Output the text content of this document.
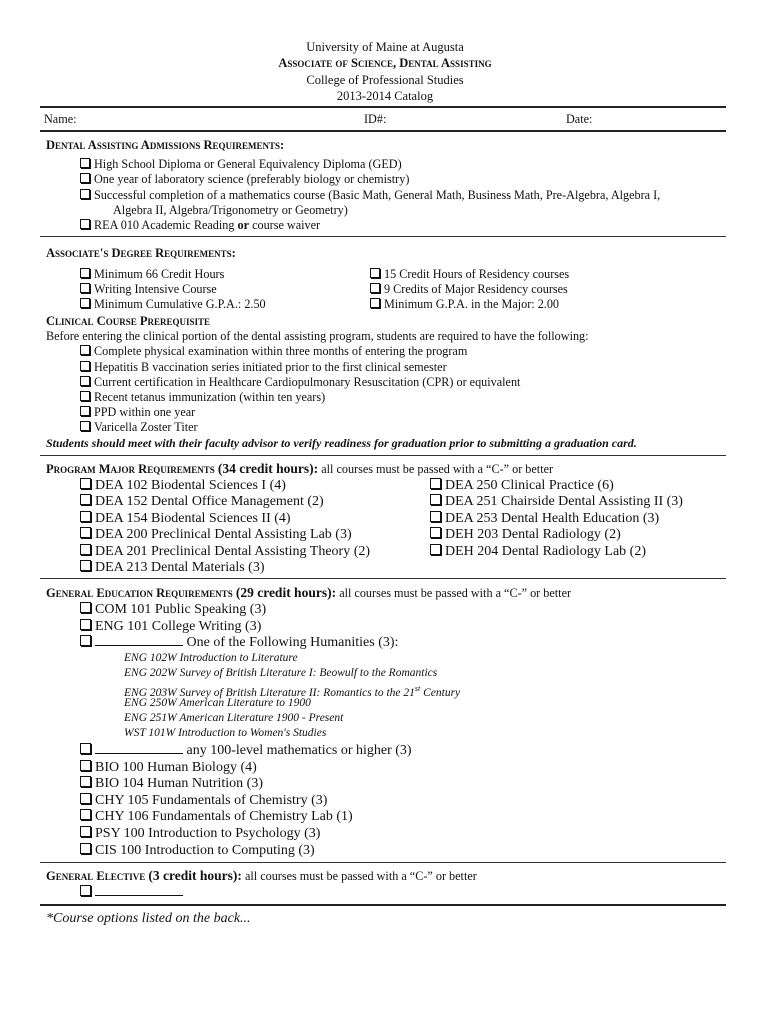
University of Maine at Augusta
Associate of Science, Dental Assisting
College of Professional Studies
2013-2014 Catalog
Name:	ID#:	Date:
Dental Assisting Admissions Requirements:
High School Diploma or General Equivalency Diploma (GED)
One year of laboratory science (preferably biology or chemistry)
Successful completion of a mathematics course (Basic Math, General Math, Business Math, Pre-Algebra, Algebra I,
Algebra II, Algebra/Trigonometry or Geometry)
REA 010 Academic Reading or course waiver
Associate's Degree Requirements:
Minimum 66 Credit Hours
Writing Intensive Course
Minimum Cumulative G.P.A.: 2.50
15 Credit Hours of Residency courses
9 Credits of Major Residency courses
Minimum G.P.A. in the Major: 2.00
Clinical Course Prerequisite
Before entering the clinical portion of the dental assisting program, students are required to have the following:
Complete physical examination within three months of entering the program
Hepatitis B vaccination series initiated prior to the first clinical semester
Current certification in Healthcare Cardiopulmonary Resuscitation (CPR) or equivalent
Recent tetanus immunization (within ten years)
PPD within one year
Varicella Zoster Titer
Students should meet with their faculty advisor to verify readiness for graduation prior to submitting a graduation card.
Program Major Requirements (34 credit hours): all courses must be passed with a “C-” or better
DEA 102 Biodental Sciences I (4)
DEA 152 Dental Office Management (2)
DEA 154 Biodental Sciences II (4)
DEA 200 Preclinical Dental Assisting Lab (3)
DEA 201 Preclinical Dental Assisting Theory (2)
DEA 213 Dental Materials (3)
DEA 250 Clinical Practice (6)
DEA 251 Chairside Dental Assisting II (3)
DEA 253 Dental Health Education (3)
DEH 203 Dental Radiology (2)
DEH 204 Dental Radiology Lab (2)
General Education Requirements (29 credit hours): all courses must be passed with a “C-” or better
COM 101 Public Speaking (3)
ENG 101 College Writing (3)
One of the Following Humanities (3):
ENG 102W Introduction to Literature
ENG 202W Survey of British Literature I: Beowulf to the Romantics
ENG 203W Survey of British Literature II: Romantics to the 21st Century
ENG 250W American Literature to 1900
ENG 251W American Literature 1900 - Present
WST 101W Introduction to Women's Studies
any 100-level mathematics or higher (3)
BIO 100 Human Biology (4)
BIO 104 Human Nutrition (3)
CHY 105 Fundamentals of Chemistry (3)
CHY 106 Fundamentals of Chemistry Lab (1)
PSY 100 Introduction to Psychology (3)
CIS 100 Introduction to Computing (3)
General Elective (3 credit hours): all courses must be passed with a “C-” or better
*Course options listed on the back...
